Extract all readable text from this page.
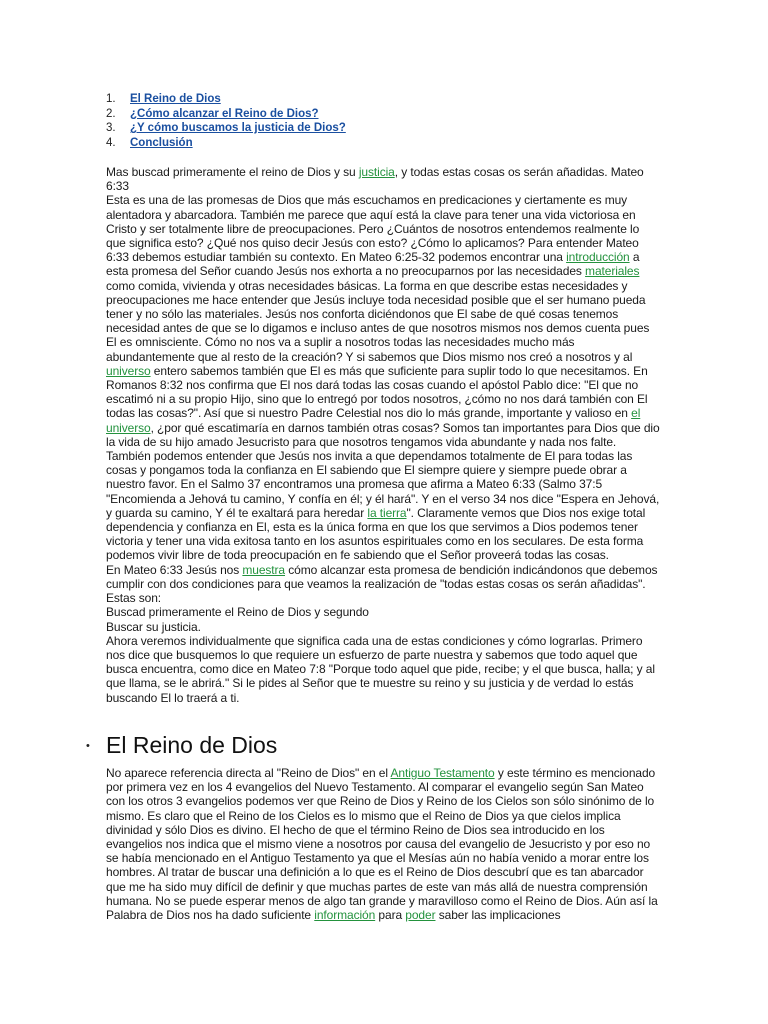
1.	El Reino de Dios
2.	¿Cómo alcanzar el Reino de Dios?
3.	¿Y cómo buscamos la justicia de Dios?
4.	Conclusión

Mas buscad primeramente el reino de Dios y su justicia, y todas estas cosas os serán añadidas. Mateo 6:33

Esta es una de las promesas de Dios que más escuchamos en predicaciones y ciertamente es muy alentadora y abarcadora. También me parece que aquí está la clave para tener una vida victoriosa en Cristo y ser totalmente libre de preocupaciones. Pero ¿Cuántos de nosotros entendemos realmente lo que significa esto? ¿Qué nos quiso decir Jesús con esto? ¿Cómo lo aplicamos? Para entender Mateo 6:33 debemos estudiar también su contexto. En Mateo 6:25-32 podemos encontrar una introducción a esta promesa del Señor cuando Jesús nos exhorta a no preocuparnos por las necesidades materiales como comida, vivienda y otras necesidades básicas. La forma en que describe estas necesidades y preocupaciones me hace entender que Jesús incluye toda necesidad posible que el ser humano pueda tener y no sólo las materiales. Jesús nos conforta diciéndonos que El sabe de qué cosas tenemos necesidad antes de que se lo digamos e incluso antes de que nosotros mismos nos demos cuenta pues El es omnisciente. Cómo no nos va a suplir a nosotros todas las necesidades mucho más abundantemente que al resto de la creación? Y si sabemos que Dios mismo nos creó a nosotros y al universo entero sabemos también que El es más que suficiente para suplir todo lo que necesitamos. En Romanos 8:32 nos confirma que El nos dará todas las cosas cuando el apóstol Pablo dice: "El que no escatimó ni a su propio Hijo, sino que lo entregó por todos nosotros, ¿cómo no nos dará también con El todas las cosas?". Así que si nuestro Padre Celestial nos dio lo más grande, importante y valioso en el universo, ¿por qué escatimaría en darnos también otras cosas? Somos tan importantes para Dios que dio la vida de su hijo amado Jesucristo para que nosotros tengamos vida abundante y nada nos falte.

También podemos entender que Jesús nos invita a que dependamos totalmente de El para todas las cosas y pongamos toda la confianza en El sabiendo que El siempre quiere y siempre puede obrar a nuestro favor. En el Salmo 37 encontramos una promesa que afirma a Mateo 6:33 (Salmo 37:5 "Encomienda a Jehová tu camino, Y confía en él; y él hará". Y en el verso 34 nos dice "Espera en Jehová, y guarda su camino, Y él te exaltará para heredar la tierra". Claramente vemos que Dios nos exige total dependencia y confianza en El, esta es la única forma en que los que servimos a Dios podemos tener victoria y tener una vida exitosa tanto en los asuntos espirituales como en los seculares. De esta forma podemos vivir libre de toda preocupación en fe sabiendo que el Señor proveerá todas las cosas.

En Mateo 6:33 Jesús nos muestra cómo alcanzar esta promesa de bendición indicándonos que debemos cumplir con dos condiciones para que veamos la realización de "todas estas cosas os serán añadidas". Estas son:

Buscad primeramente el Reino de Dios y segundo

Buscar su justicia.

Ahora veremos individualmente que significa cada una de estas condiciones y cómo lograrlas. Primero nos dice que busquemos lo que requiere un esfuerzo de parte nuestra y sabemos que todo aquel que busca encuentra, como dice en Mateo 7:8 "Porque todo aquel que pide, recibe; y el que busca, halla; y al que llama, se le abrirá." Si le pides al Señor que te muestre su reino y su justicia y de verdad lo estás buscando El lo traerá a ti.

• El Reino de Dios

No aparece referencia directa al "Reino de Dios" en el Antiguo Testamento y este término es mencionado por primera vez en los 4 evangelios del Nuevo Testamento. Al comparar el evangelio según San Mateo con los otros 3 evangelios podemos ver que Reino de Dios y Reino de los Cielos son sólo sinónimo de lo mismo. Es claro que el Reino de los Cielos es lo mismo que el Reino de Dios ya que cielos implica divinidad y sólo Dios es divino. El hecho de que el término Reino de Dios sea introducido en los evangelios nos indica que el mismo viene a nosotros por causa del evangelio de Jesucristo y por eso no se había mencionado en el Antiguo Testamento ya que el Mesías aún no había venido a morar entre los hombres. Al tratar de buscar una definición a lo que es el Reino de Dios descubrí que es tan abarcador que me ha sido muy difícil de definir y que muchas partes de este van más allá de nuestra comprensión humana. No se puede esperar menos de algo tan grande y maravilloso como el Reino de Dios. Aún así la Palabra de Dios nos ha dado suficiente información para poder saber las implicaciones
